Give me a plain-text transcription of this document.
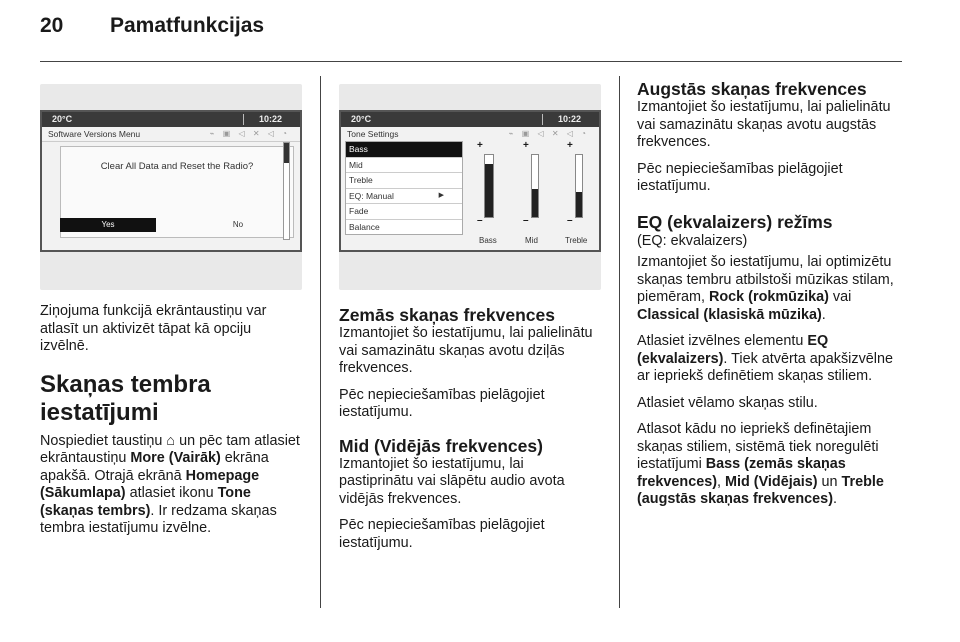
20 Pamatfunkcijas
20°C	10:22
Software Versions Menu	⌁ ▣ ◁ ✕ ◁ ◔
Clear All Data and Reset the Radio?
Yes	No
20°C	10:22
Tone Settings	⌁ ▣ ◁ ✕ ◁ ◔
Bass
Mid
Treble
EQ: Manual	▶
Fade
Balance
+
–
+
–
+
–
Bass	Mid	Treble

Ziņojuma funkcijā ekrāntaustiņu var atlasīt un aktivizēt tāpat kā opciju izvēlnē.

Skaņas tembra iestatījumi

Nospiediet taustiņu ⌂ un pēc tam atlasiet ekrāntaustiņu More (Vairāk) ekrāna apakšā. Otrajā ekrānā Homepage (Sākumlapa) atlasiet ikonu Tone (skaņas tembrs). Ir redzama skaņas tembra iestatījumu izvēlne.

Zemās skaņas frekvences

Izmantojiet šo iestatījumu, lai palielinātu vai samazinātu skaņas avotu dziļās frekvences.

Pēc nepieciešamības pielāgojiet iestatījumu.

Mid (Vidējās frekvences)

Izmantojiet šo iestatījumu, lai pastiprinātu vai slāpētu audio avota vidējās frekvences.

Pēc nepieciešamības pielāgojiet iestatījumu.

Augstās skaņas frekvences

Izmantojiet šo iestatījumu, lai palielinātu vai samazinātu skaņas avotu augstās frekvences.

Pēc nepieciešamības pielāgojiet iestatījumu.

EQ (ekvalaizers) režīms

(EQ: ekvalaizers)

Izmantojiet šo iestatījumu, lai optimizētu skaņas tembru atbilstoši mūzikas stilam, piemēram, Rock (rokmūzika) vai Classical (klasiskā mūzika).

Atlasiet izvēlnes elementu EQ (ekvalaizers). Tiek atvērta apakšizvēlne ar iepriekš definētiem skaņas stiliem.

Atlasiet vēlamo skaņas stilu.

Atlasot kādu no iepriekš definētajiem skaņas stiliem, sistēmā tiek noregulēti iestatījumi Bass (zemās skaņas frekvences), Mid (Vidējais) un Treble (augstās skaņas frekvences).
